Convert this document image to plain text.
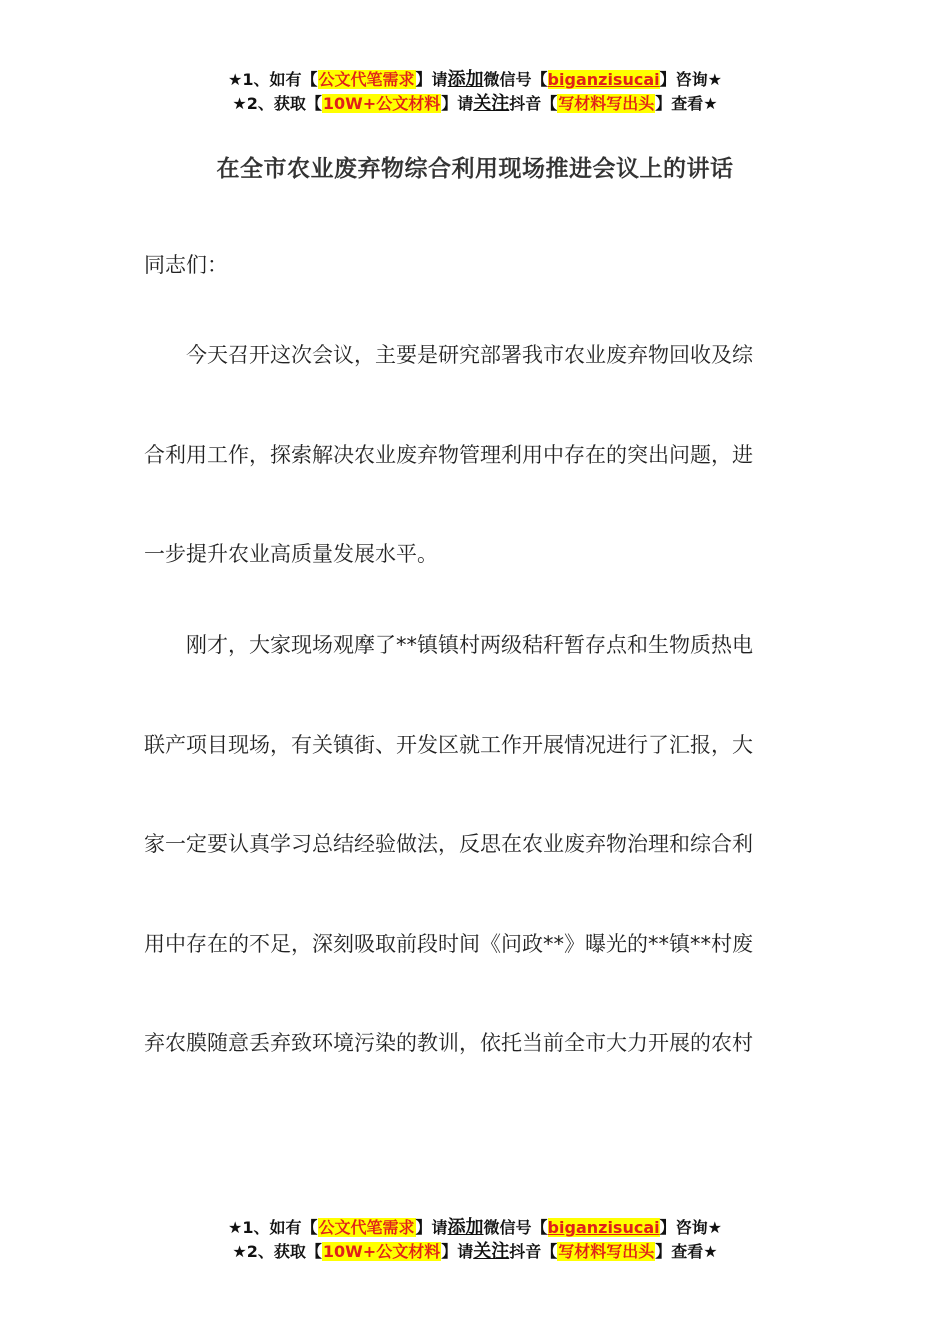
★1、如有【公文代笔需求】请添加微信号【biganzisucai】咨询★
★2、获取【10W+公文材料】请关注抖音【写材料写出头】查看★
在全市农业废弃物综合利用现场推进会议上的讲话
同志们：
　　今天召开这次会议，主要是研究部署我市农业废弃物回收及综
合利用工作，探索解决农业废弃物管理利用中存在的突出问题，进
一步提升农业高质量发展水平。
　　刚才，大家现场观摩了**镇镇村两级秸秆暂存点和生物质热电
联产项目现场，有关镇街、开发区就工作开展情况进行了汇报，大
家一定要认真学习总结经验做法，反思在农业废弃物治理和综合利
用中存在的不足，深刻吸取前段时间《问政**》曝光的**镇**村废
弃农膜随意丢弃致环境污染的教训，依托当前全市大力开展的农村
★1、如有【公文代笔需求】请添加微信号【biganzisucai】咨询★
★2、获取【10W+公文材料】请关注抖音【写材料写出头】查看★
